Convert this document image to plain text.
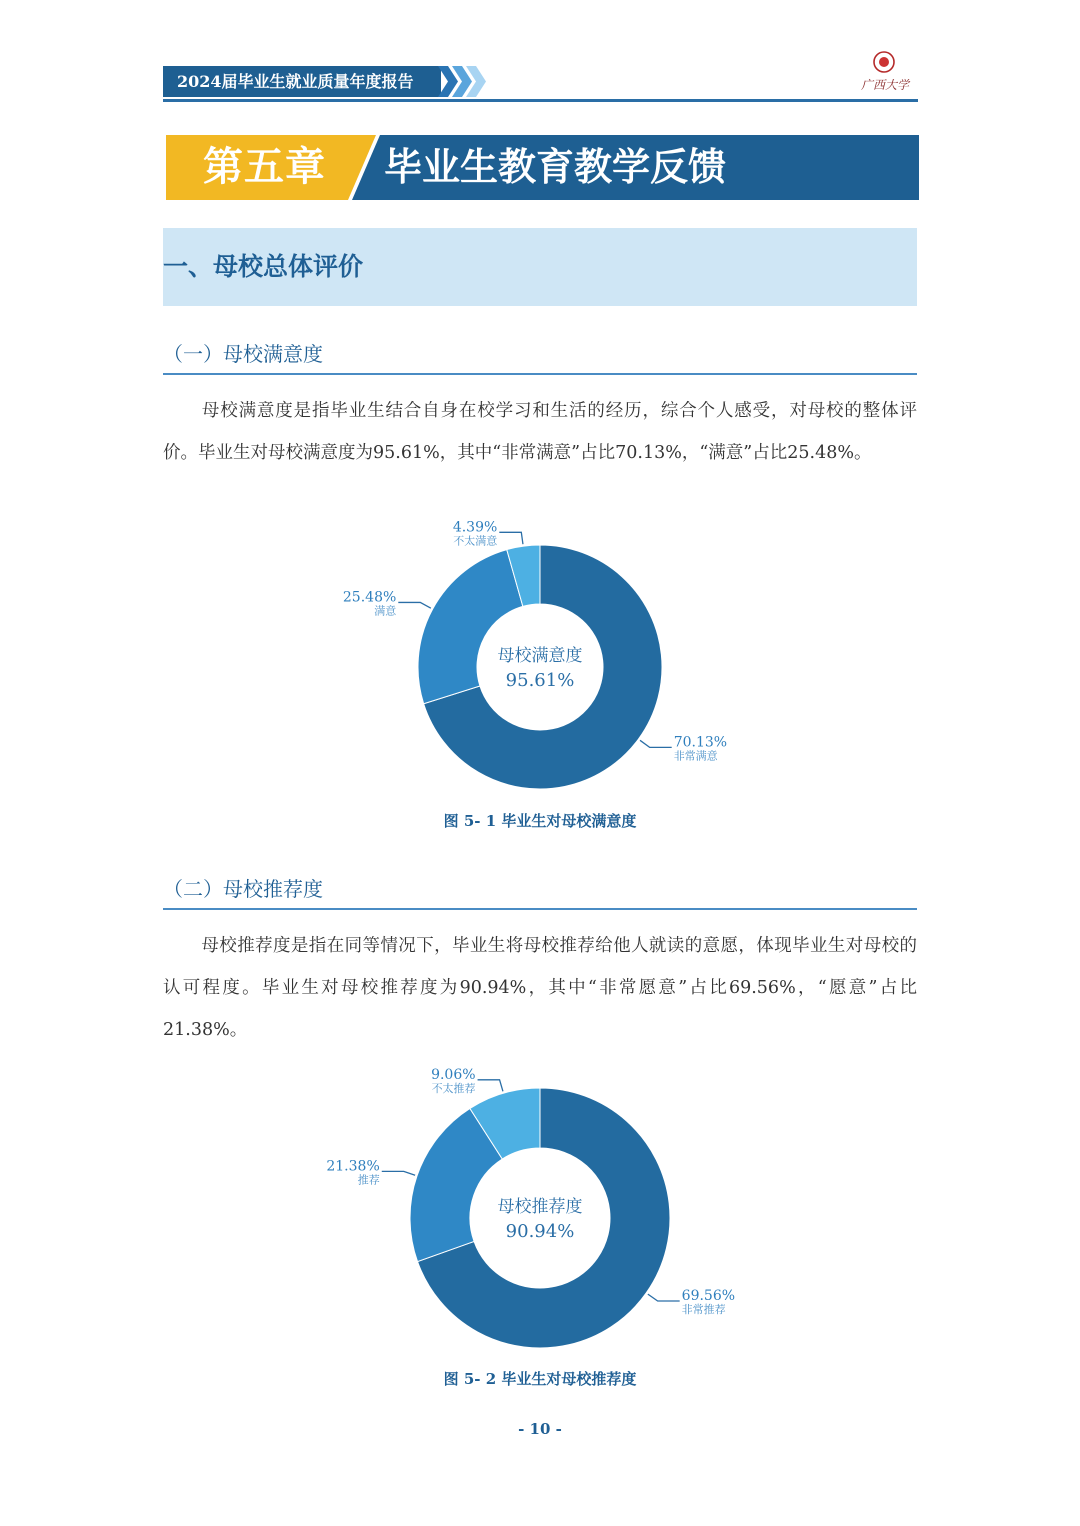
2024届毕业生就业质量年度报告	广西大学
第五章 毕业生教育教学反馈
一、母校总体评价
（一）母校满意度
母校满意度是指毕业生结合自身在校学习和生活的经历，综合个人感受，对母校的整体评价。毕业生对母校满意度为95.61%，其中“非常满意”占比70.13%，“满意”占比25.48%。
70.13%
非常满意
25.48%
满意
4.39%
不太满意
母校满意度
95.61%
图 5- 1 毕业生对母校满意度
（二）母校推荐度
母校推荐度是指在同等情况下，毕业生将母校推荐给他人就读的意愿，体现毕业生对母校的认可程度。毕业生对母校推荐度为90.94%，其中“非常愿意”占比69.56%，“愿意”占比21.38%。
69.56%
非常推荐
21.38%
推荐
9.06%
不太推荐
母校推荐度
90.94%
图 5- 2 毕业生对母校推荐度
- 10 -
